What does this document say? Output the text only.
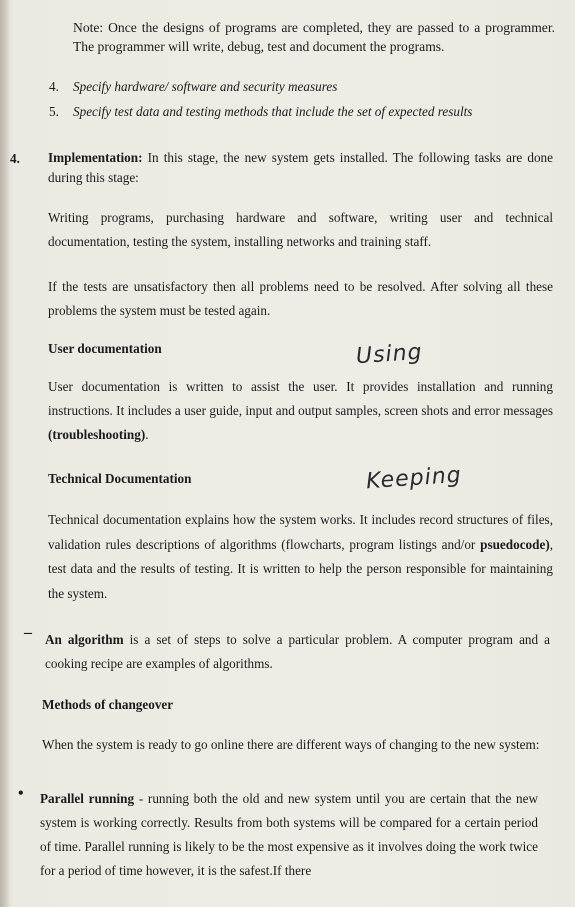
Note: Once the designs of programs are completed, they are passed to a programmer. The programmer will write, debug, test and document the programs.
4.	Specify hardware/ software and security measures
5.	Specify test data and testing methods that include the set of expected results
4.	Implementation: In this stage, the new system gets installed. The following tasks are done during this stage:
Writing programs, purchasing hardware and software, writing user and technical documentation, testing the system, installing networks and training staff.
If the tests are unsatisfactory then all problems need to be resolved. After solving all these problems the system must be tested again.
User documentation	Using
User documentation is written to assist the user. It provides installation and running instructions. It includes a user guide, input and output samples, screen shots and error messages (troubleshooting).
Technical Documentation	Keeping
Technical documentation explains how the system works. It includes record structures of files, validation rules descriptions of algorithms (flowcharts, program listings and/or psuedocode), test data and the results of testing. It is written to help the person responsible for maintaining the system.
– An algorithm is a set of steps to solve a particular problem. A computer program and a cooking recipe are examples of algorithms.
Methods of changeover
When the system is ready to go online there are different ways of changing to the new system:
•	Parallel running - running both the old and new system until you are certain that the new system is working correctly. Results from both systems will be compared for a certain period of time. Parallel running is likely to be the most expensive as it involves doing the work twice for a period of time however, it is the safest.If there
